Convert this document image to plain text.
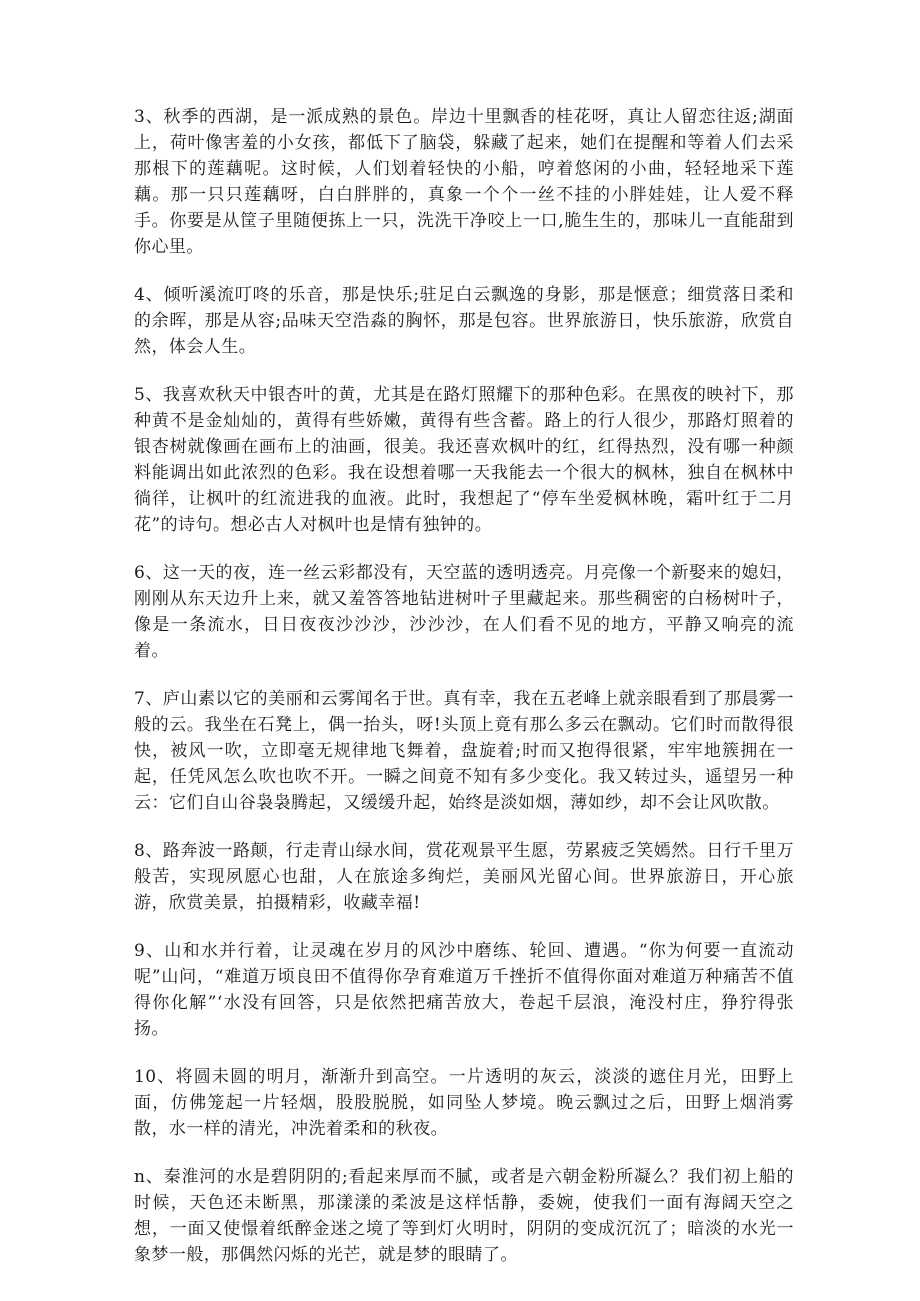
3、秋季的西湖，是一派成熟的景色。岸边十里飘香的桂花呀，真让人留恋往返;湖面上，荷叶像害羞的小女孩，都低下了脑袋，躲藏了起来，她们在提醒和等着人们去采那根下的莲藕呢。这时候，人们划着轻快的小船，哼着悠闲的小曲，轻轻地采下莲藕。那一只只莲藕呀，白白胖胖的，真象一个个一丝不挂的小胖娃娃，让人爱不释手。你要是从筐子里随便拣上一只，洗洗干净咬上一口,脆生生的，那味儿一直能甜到你心里。

4、倾听溪流叮咚的乐音，那是快乐;驻足白云飘逸的身影，那是惬意；细赏落日柔和的余晖，那是从容;品味天空浩淼的胸怀，那是包容。世界旅游日，快乐旅游，欣赏自然，体会人生。

5、我喜欢秋天中银杏叶的黄，尤其是在路灯照耀下的那种色彩。在黑夜的映衬下，那种黄不是金灿灿的，黄得有些娇嫩，黄得有些含蓄。路上的行人很少，那路灯照着的银杏树就像画在画布上的油画，很美。我还喜欢枫叶的红，红得热烈，没有哪一种颜料能调出如此浓烈的色彩。我在设想着哪一天我能去一个很大的枫林，独自在枫林中徜徉，让枫叶的红流进我的血液。此时，我想起了“停车坐爱枫林晚，霜叶红于二月花”的诗句。想必古人对枫叶也是情有独钟的。

6、这一天的夜，连一丝云彩都没有，天空蓝的透明透亮。月亮像一个新娶来的媳妇，刚刚从东天边升上来，就又羞答答地钻进树叶子里藏起来。那些稠密的白杨树叶子，像是一条流水，日日夜夜沙沙沙，沙沙沙，在人们看不见的地方，平静又响亮的流着。

7、庐山素以它的美丽和云雾闻名于世。真有幸，我在五老峰上就亲眼看到了那晨雾一般的云。我坐在石凳上，偶一抬头，呀!头顶上竟有那么多云在飘动。它们时而散得很快，被风一吹，立即毫无规律地飞舞着，盘旋着;时而又抱得很紧，牢牢地簇拥在一起，任凭风怎么吹也吹不开。一瞬之间竟不知有多少变化。我又转过头，遥望另一种云：它们自山谷袅袅腾起，又缓缓升起，始终是淡如烟，薄如纱，却不会让风吹散。

8、路奔波一路颠，行走青山绿水间，赏花观景平生愿，劳累疲乏笑嫣然。日行千里万般苦，实现夙愿心也甜，人在旅途多绚烂，美丽风光留心间。世界旅游日，开心旅游，欣赏美景，拍摄精彩，收藏幸福!

9、山和水并行着，让灵魂在岁月的风沙中磨练、轮回、遭遇。“你为何要一直流动呢”山问，“难道万顷良田不值得你孕育难道万千挫折不值得你面对难道万种痛苦不值得你化解”‘水没有回答，只是依然把痛苦放大，卷起千层浪，淹没村庄，狰狞得张扬。

10、将圆未圆的明月，渐渐升到高空。一片透明的灰云，淡淡的遮住月光，田野上面，仿佛笼起一片轻烟，股股脱脱，如同坠人梦境。晚云飘过之后，田野上烟消雾散，水一样的清光，冲洗着柔和的秋夜。

n、秦淮河的水是碧阴阴的;看起来厚而不腻，或者是六朝金粉所凝么？我们初上船的时候，天色还未断黑，那漾漾的柔波是这样恬静，委婉，使我们一面有海阔天空之想，一面又使憬着纸醉金迷之境了等到灯火明时，阴阴的变成沉沉了；暗淡的水光一象梦一般，那偶然闪烁的光芒，就是梦的眼睛了。
